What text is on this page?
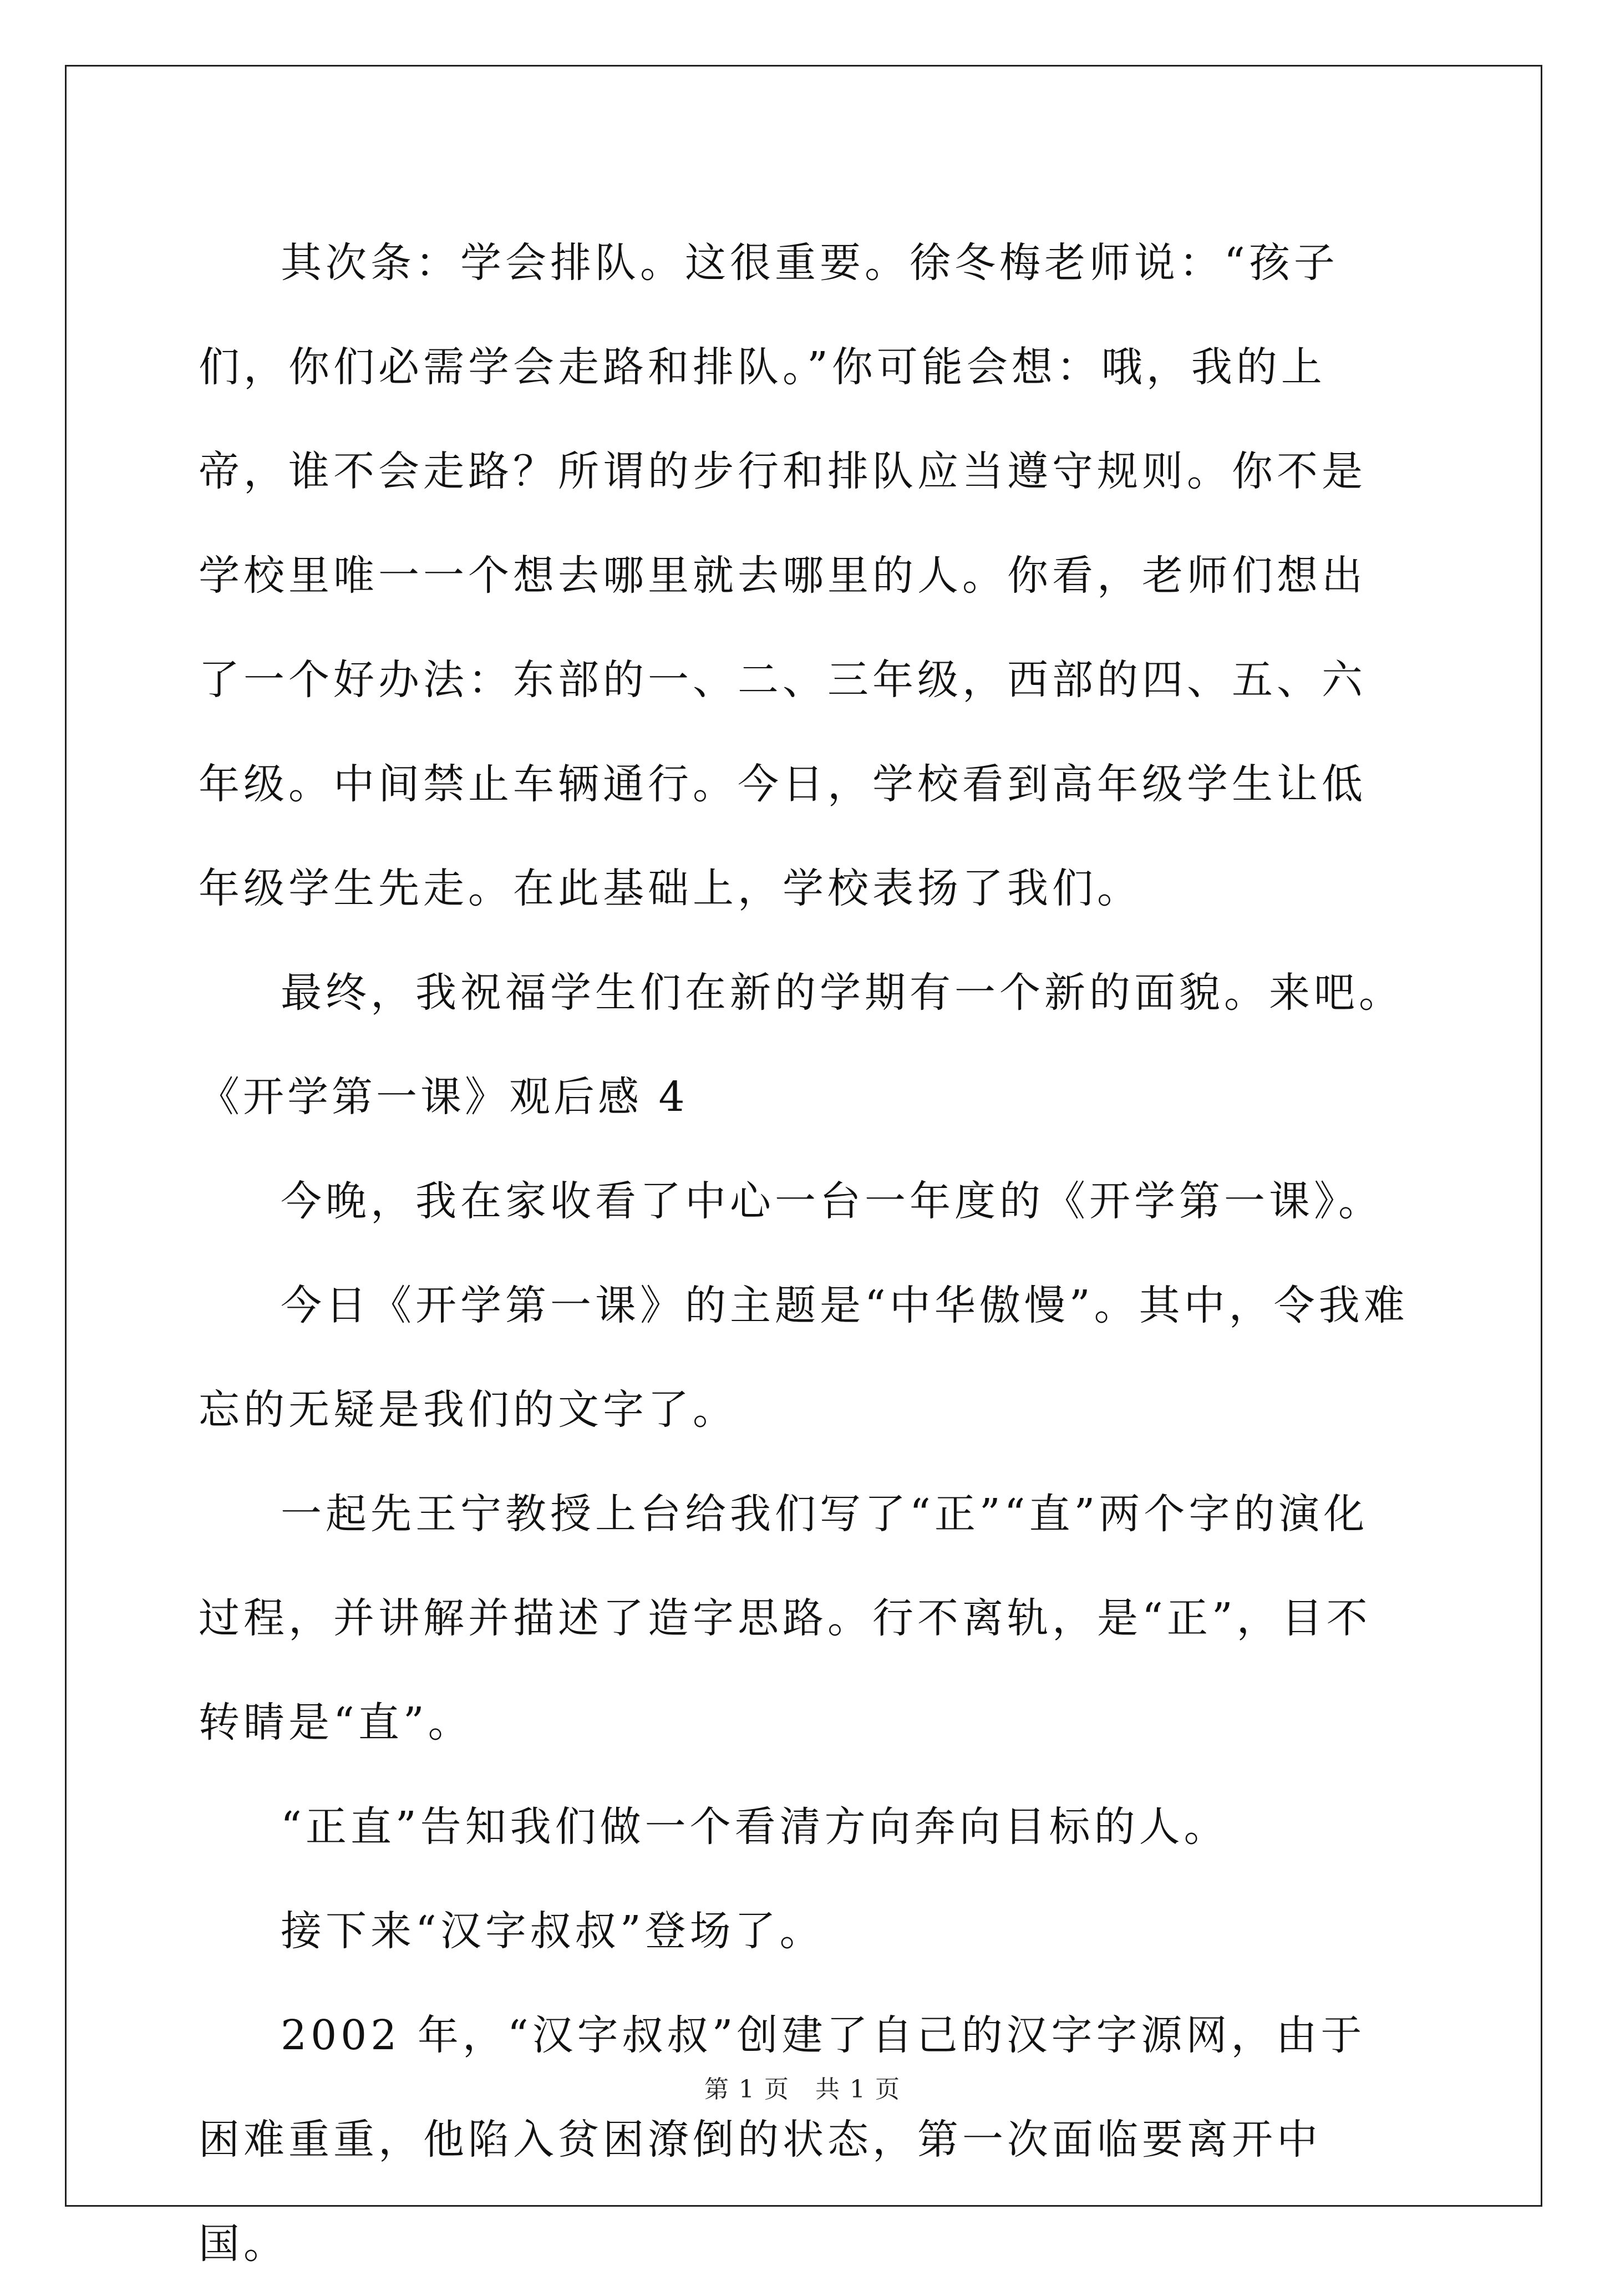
其次条：学会排队。这很重要。徐冬梅老师说：“孩子们，你们必需学会走路和排队。”你可能会想：哦，我的上帝，谁不会走路？所谓的步行和排队应当遵守规则。你不是学校里唯一一个想去哪里就去哪里的人。你看，老师们想出了一个好办法：东部的一、二、三年级，西部的四、五、六年级。中间禁止车辆通行。今日，学校看到高年级学生让低年级学生先走。在此基础上，学校表扬了我们。

最终，我祝福学生们在新的学期有一个新的面貌。来吧。

《开学第一课》观后感 4

今晚，我在家收看了中心一台一年度的《开学第一课》。

今日《开学第一课》的主题是“中华傲慢”。其中，令我难忘的无疑是我们的文字了。

一起先王宁教授上台给我们写了“正”“直”两个字的演化过程，并讲解并描述了造字思路。行不离轨，是“正”，目不转睛是“直”。

“正直”告知我们做一个看清方向奔向目标的人。

接下来“汉字叔叔”登场了。

2002 年，“汉字叔叔”创建了自己的汉字字源网，由于困难重重，他陷入贫困潦倒的状态，第一次面临要离开中国。

第 1 页　共 1 页
